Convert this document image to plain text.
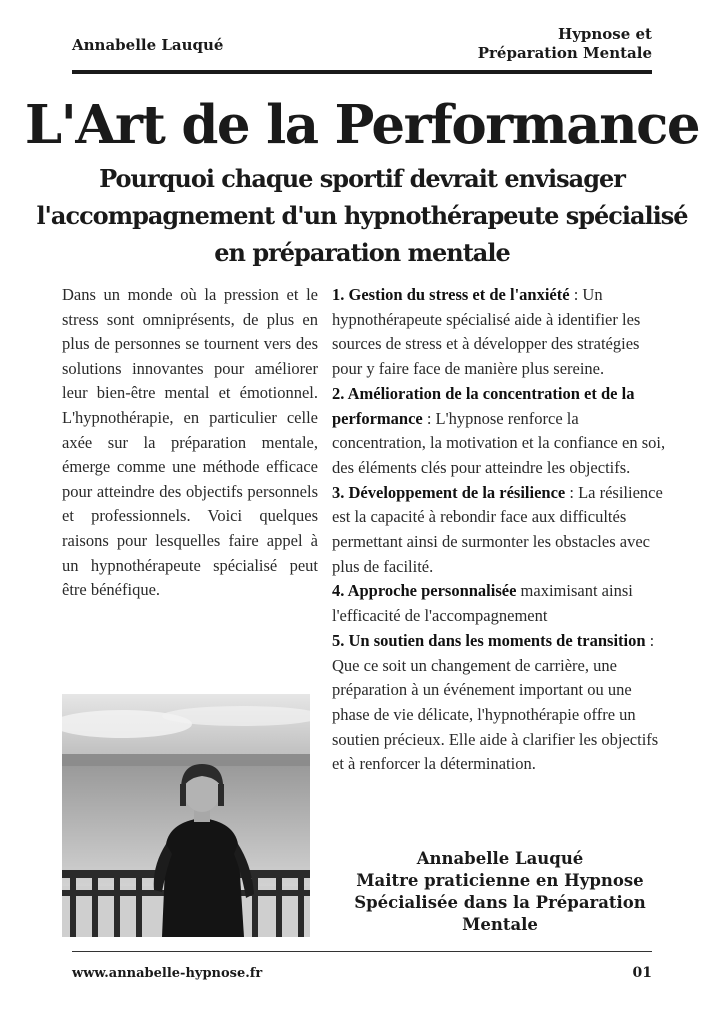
Annabelle Lauqué
Hypnose et
Préparation Mentale
L'Art de la Performance
Pourquoi chaque sportif devrait envisager l'accompagnement d'un hypnothérapeute spécialisé en préparation mentale
Dans un monde où la pression et le stress sont omniprésents, de plus en plus de personnes se tournent vers des solutions innovantes pour améliorer leur bien-être mental et émotionnel. L'hypnothérapie, en particulier celle axée sur la préparation mentale, émerge comme une méthode efficace pour atteindre des objectifs personnels et professionnels. Voici quelques raisons pour lesquelles faire appel à un hypnothérapeute spécialisé peut être bénéfique.

1. Gestion du stress et de l'anxiété : Un hypnothérapeute spécialisé aide à identifier les sources de stress et à développer des stratégies pour y faire face de manière plus sereine.

2. Amélioration de la concentration et de la performance : L'hypnose renforce la concentration, la motivation et la confiance en soi, des éléments clés pour atteindre les objectifs.

3. Développement de la résilience : La résilience est la capacité à rebondir face aux difficultés permettant ainsi de surmonter les obstacles avec plus de facilité.

4. Approche personnalisée maximisant ainsi l'efficacité de l'accompagnement

5. Un soutien dans les moments de transition : Que ce soit un changement de carrière, une préparation à un événement important ou une phase de vie délicate, l'hypnothérapie offre un soutien précieux. Elle aide à clarifier les objectifs et à renforcer la détermination.

Annabelle Lauqué
Maitre praticienne en Hypnose
Spécialisée dans la Préparation
Mentale
www.annabelle-hypnose.fr	01
